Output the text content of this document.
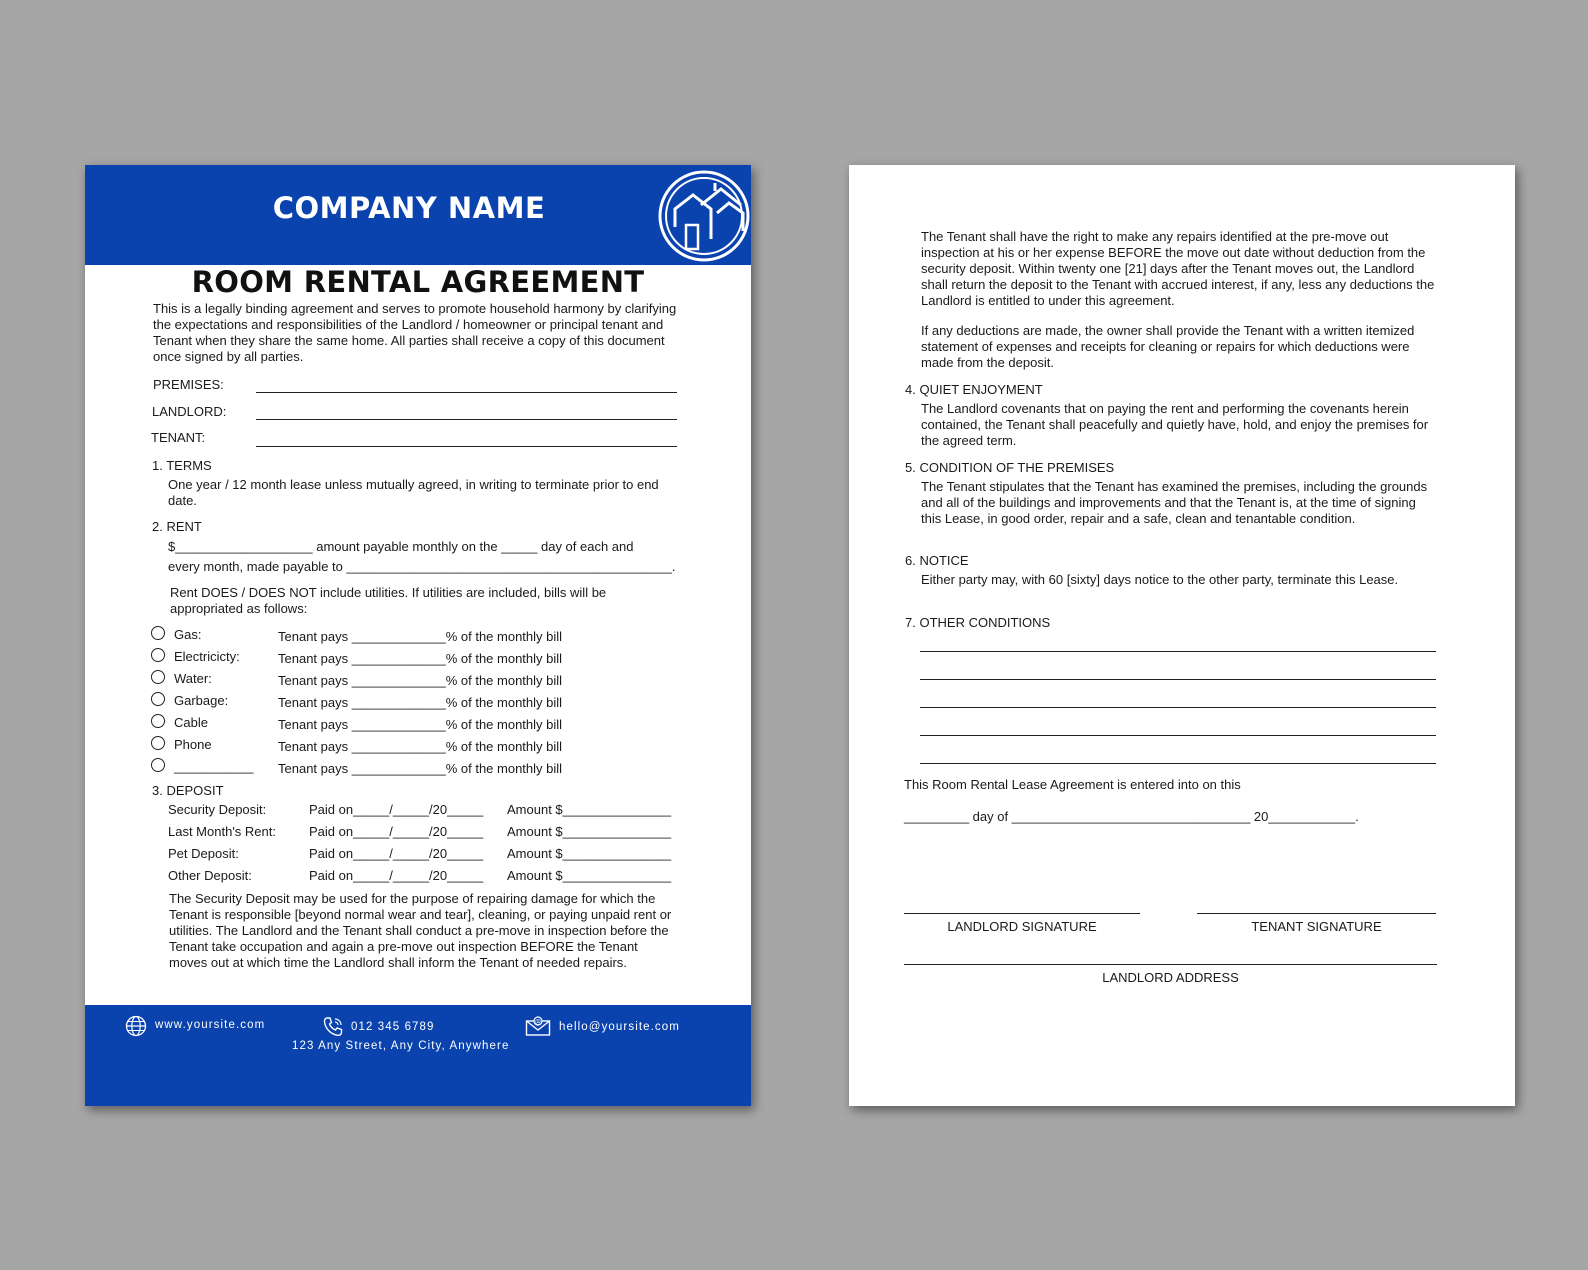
COMPANY NAME
ROOM RENTAL AGREEMENT
This is a legally binding agreement and serves to promote household harmony by clarifying the expectations and responsibilities of the Landlord / homeowner or principal tenant and Tenant when they share the same home. All parties shall receive a copy of this document once signed by all parties.
PREMISES:
LANDLORD:
TENANT:
1. TERMS
One year / 12 month lease unless mutually agreed, in writing to terminate prior to end date.
2. RENT
$___________________ amount payable monthly on the _____ day of each and
every month, made payable to _____________________________________________.
Rent DOES / DOES NOT include utilities. If utilities are included, bills will be appropriated as follows:
Gas:	Tenant pays _____________% of the monthly bill
Electricicty:	Tenant pays _____________% of the monthly bill
Water:	Tenant pays _____________% of the monthly bill
Garbage:	Tenant pays _____________% of the monthly bill
Cable	Tenant pays _____________% of the monthly bill
Phone	Tenant pays _____________% of the monthly bill
___________ Tenant pays _____________% of the monthly bill
3. DEPOSIT
Security Deposit:	Paid on_____/_____/20_____ Amount $_______________
Last Month's Rent:	Paid on_____/_____/20_____ Amount $_______________
Pet Deposit:	Paid on_____/_____/20_____ Amount $_______________
Other Deposit:	Paid on_____/_____/20_____ Amount $_______________
The Security Deposit may be used for the purpose of repairing damage for which the Tenant is responsible [beyond normal wear and tear], cleaning, or paying unpaid rent or utilities. The Landlord and the Tenant shall conduct a pre-move in inspection before the Tenant take occupation and again a pre-move out inspection BEFORE the Tenant moves out at which time the Landlord shall inform the Tenant of needed repairs.
www.yoursite.com	012 345 6789	@ hello@yoursite.com
123 Any Street, Any City, Anywhere
The Tenant shall have the right to make any repairs identified at the pre-move out inspection at his or her expense BEFORE the move out date without deduction from the security deposit. Within twenty one [21] days after the Tenant moves out, the Landlord shall return the deposit to the Tenant with accrued interest, if any, less any deductions the Landlord is entitled to under this agreement.
If any deductions are made, the owner shall provide the Tenant with a written itemized statement of expenses and receipts for cleaning or repairs for which deductions were made from the deposit.
4. QUIET ENJOYMENT
The Landlord covenants that on paying the rent and performing the covenants herein contained, the Tenant shall peacefully and quietly have, hold, and enjoy the premises for the agreed term.
5. CONDITION OF THE PREMISES
The Tenant stipulates that the Tenant has examined the premises, including the grounds and all of the buildings and improvements and that the Tenant is, at the time of signing this Lease, in good order, repair and a safe, clean and tenantable condition.
6. NOTICE
Either party may, with 60 [sixty] days notice to the other party, terminate this Lease.
7. OTHER CONDITIONS
This Room Rental Lease Agreement is entered into on this
_________ day of _________________________________ 20____________.
LANDLORD SIGNATURE	TENANT SIGNATURE
LANDLORD ADDRESS
